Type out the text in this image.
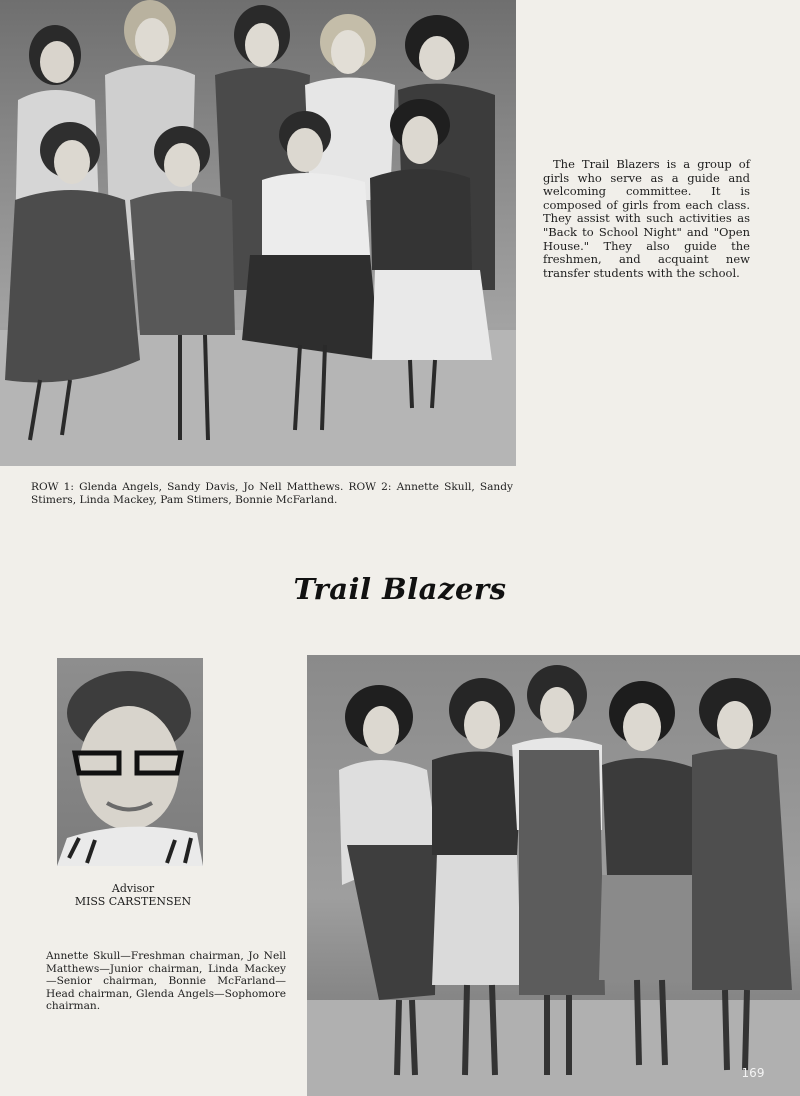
The Trail Blazers is a group of girls who serve as a guide and welcoming committee. It is composed of girls from each class. They assist with such activities as "Back to School Night" and "Open House." They also guide the freshmen, and acquaint new transfer students with the school.
ROW 1: Glenda Angels, Sandy Davis, Jo Nell Matthews. ROW 2: Annette Skull, Sandy Stimers, Linda Mackey, Pam Stimers, Bonnie McFarland.
Trail Blazers
Advisor
MISS CARSTENSEN
Annette Skull—Freshman chairman, Jo Nell Matthews—Junior chairman, Linda Mackey —Senior chairman, Bonnie McFarland—Head chairman, Glenda Angels—Sophomore chairman.
169
